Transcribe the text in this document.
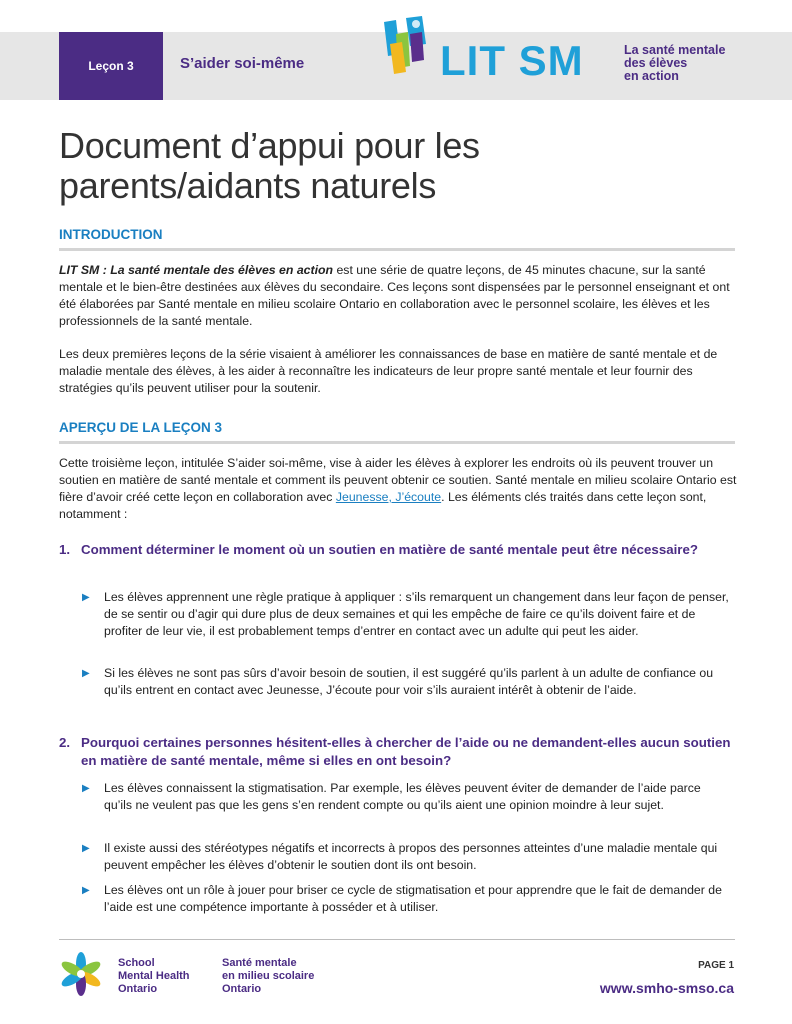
Leçon 3	S’aider soi-même	LIT SM	La santé mentale
des élèves
en action
Document d’appui pour les
parents/aidants naturels
INTRODUCTION

LIT SM : La santé mentale des élèves en action est une série de quatre leçons, de 45 minutes chacune, sur la santé mentale et le bien-être destinées aux élèves du secondaire. Ces leçons sont dispensées par le personnel enseignant et ont été élaborées par Santé mentale en milieu scolaire Ontario en collaboration avec le personnel scolaire, les élèves et les professionnels de la santé mentale.

Les deux premières leçons de la série visaient à améliorer les connaissances de base en matière de santé mentale et de maladie mentale des élèves, à les aider à reconnaître les indicateurs de leur propre santé mentale et leur fournir des stratégies qu’ils peuvent utiliser pour la soutenir.

APERÇU DE LA LEÇON 3

Cette troisième leçon, intitulée S’aider soi-même, vise à aider les élèves à explorer les endroits où ils peuvent trouver un soutien en matière de santé mentale et comment ils peuvent obtenir ce soutien. Santé mentale en milieu scolaire Ontario est fière d’avoir créé cette leçon en collaboration avec Jeunesse, J’écoute. Les éléments clés traités dans cette leçon sont, notamment :

1. Comment déterminer le moment où un soutien en matière de santé mentale peut être nécessaire?
▶	Les élèves apprennent une règle pratique à appliquer : s’ils remarquent un changement dans leur façon de penser, de se sentir ou d’agir qui dure plus de deux semaines et qui les empêche de faire ce qu’ils doivent faire et de profiter de leur vie, il est probablement temps d’entrer en contact avec un adulte qui peut les aider.
▶	Si les élèves ne sont pas sûrs d’avoir besoin de soutien, il est suggéré qu’ils parlent à un adulte de confiance ou qu’ils entrent en contact avec Jeunesse, J’écoute pour voir s’ils auraient intérêt à obtenir de l’aide.
2. Pourquoi certaines personnes hésitent-elles à chercher de l’aide ou ne demandent-elles aucun soutien en matière de santé mentale, même si elles en ont besoin?
▶	Les élèves connaissent la stigmatisation. Par exemple, les élèves peuvent éviter de demander de l’aide parce qu’ils ne veulent pas que les gens s’en rendent compte ou qu’ils aient une opinion moindre à leur sujet.
▶	Il existe aussi des stéréotypes négatifs et incorrects à propos des personnes atteintes d’une maladie mentale qui peuvent empêcher les élèves d’obtenir le soutien dont ils ont besoin.
▶	Les élèves ont un rôle à jouer pour briser ce cycle de stigmatisation et pour apprendre que le fait de demander de l’aide est une compétence importante à posséder et à utiliser.
School
Mental Health
Ontario
Santé mentale
en milieu scolaire
Ontario
PAGE 1
www.smho-smso.ca
